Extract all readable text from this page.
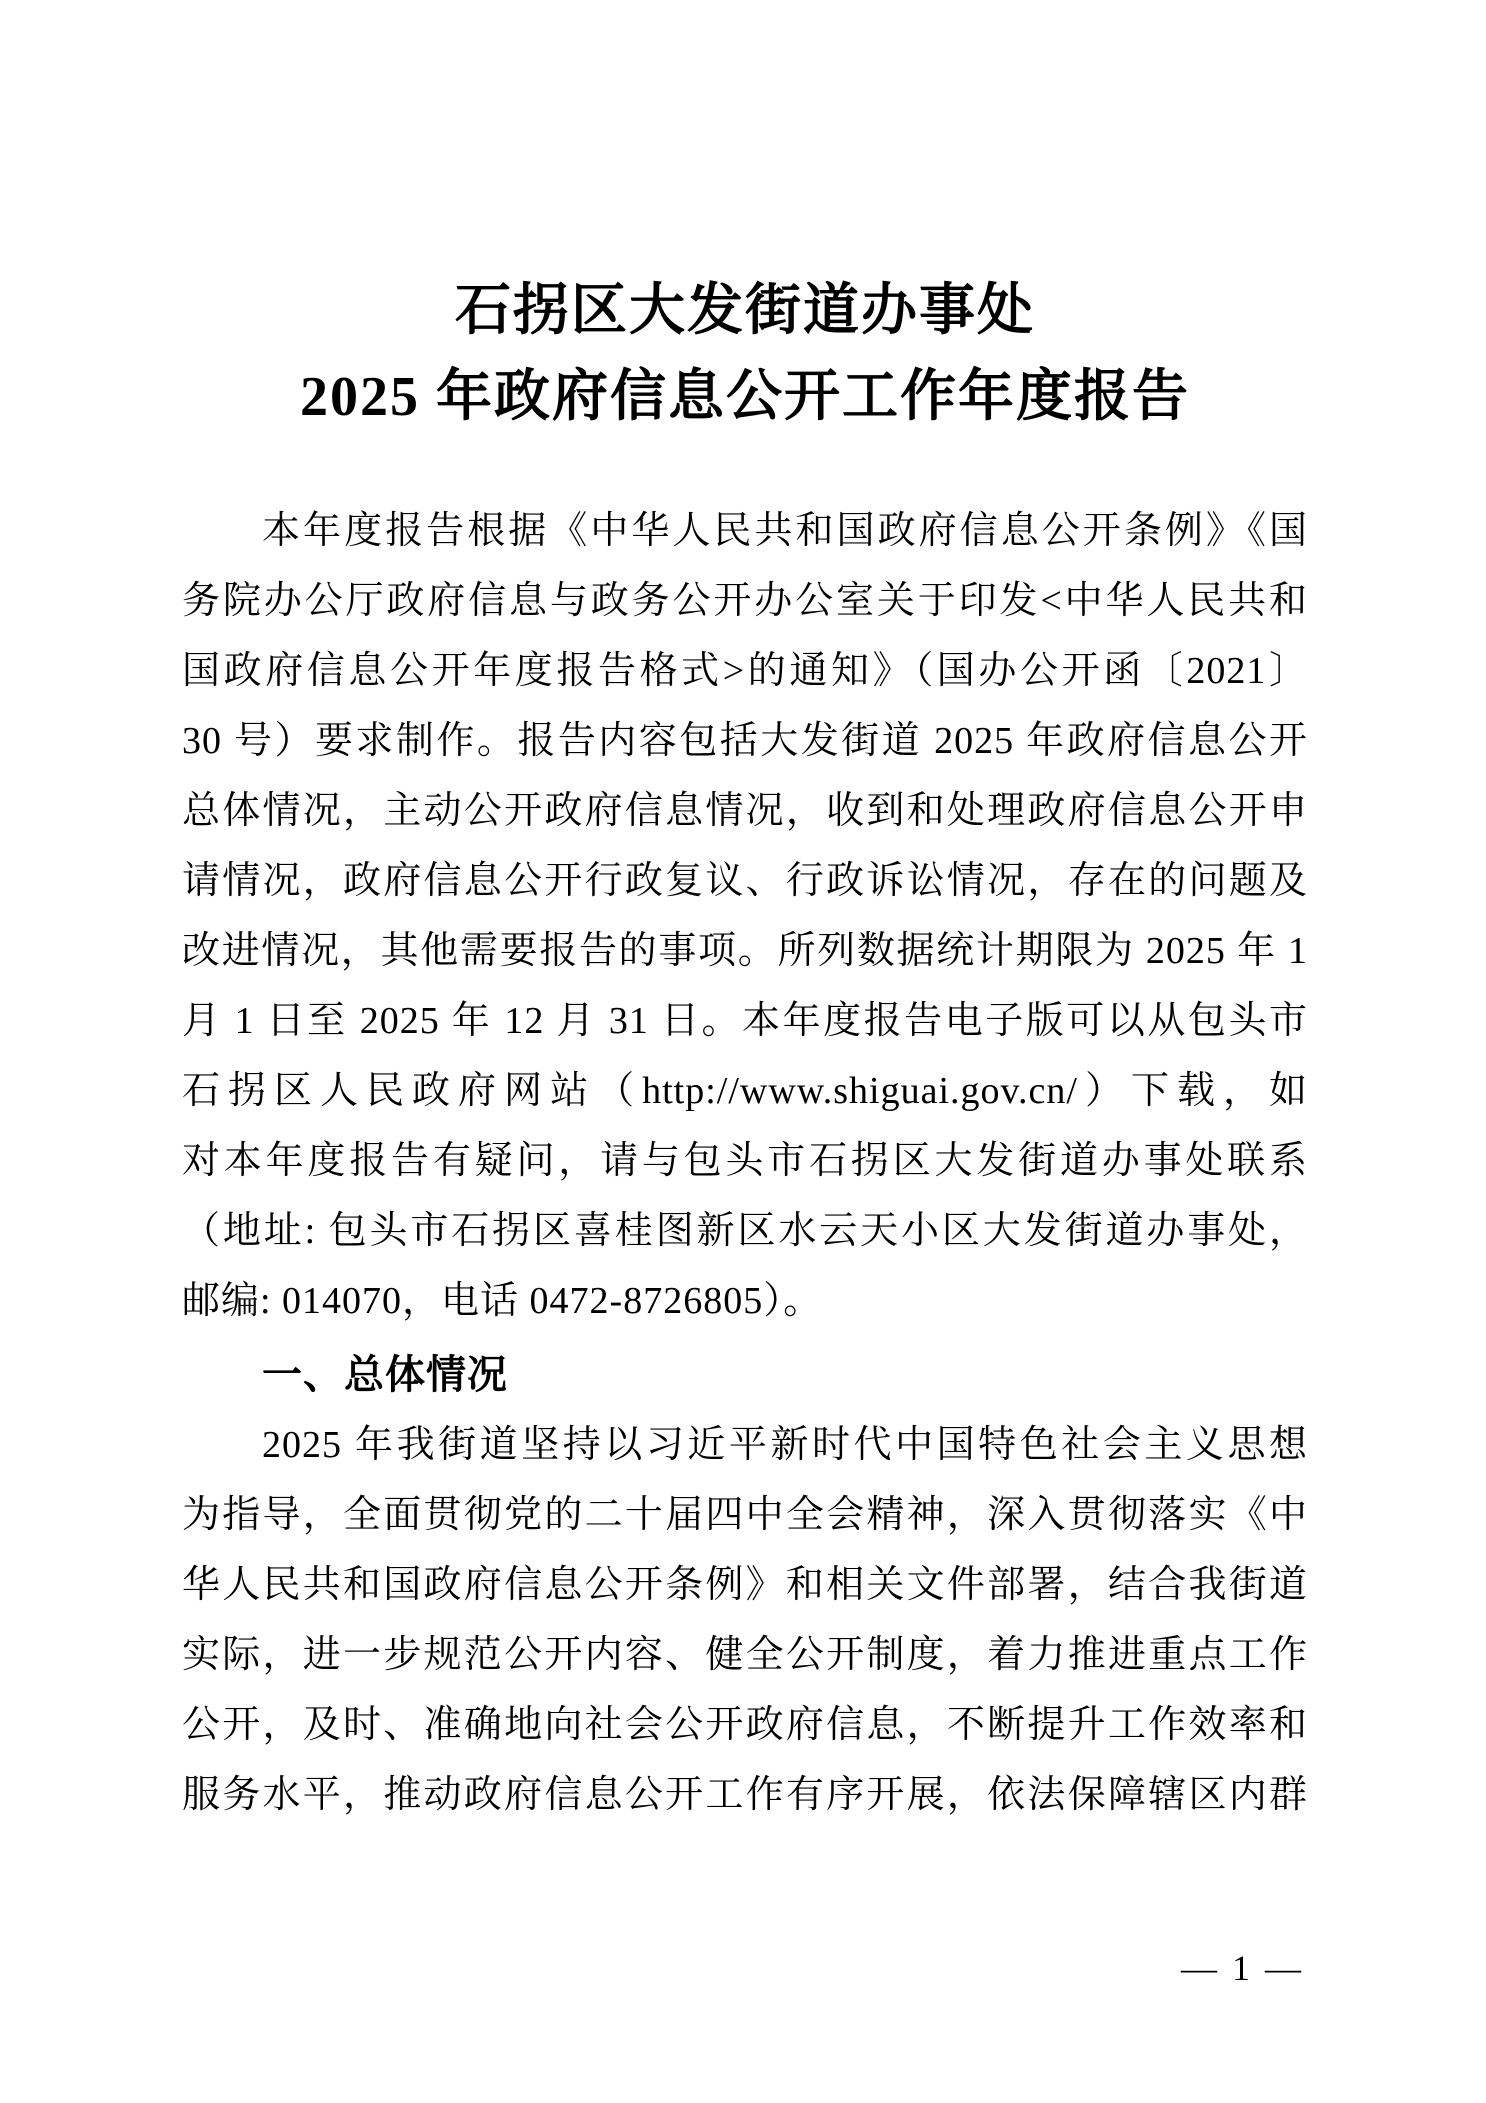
石拐区大发街道办事处
2025 年政府信息公开工作年度报告
本年度报告根据《中华人民共和国政府信息公开条例》《国
务院办公厅政府信息与政务公开办公室关于印发<中华人民共和
国政府信息公开年度报告格式>的通知》（国办公开函〔2021〕
30 号）要求制作。报告内容包括大发街道 2025 年政府信息公开
总体情况，主动公开政府信息情况，收到和处理政府信息公开申
请情况，政府信息公开行政复议、行政诉讼情况，存在的问题及
改进情况，其他需要报告的事项。所列数据统计期限为 2025 年 1
月 1 日至 2025 年 12 月 31 日。本年度报告电子版可以从包头市
石拐区人民政府网站（http://www.shiguai.gov.cn/）下载，如
对本年度报告有疑问，请与包头市石拐区大发街道办事处联系
（地址: 包头市石拐区喜桂图新区水云天小区大发街道办事处，
邮编: 014070，电话 0472-8726805）。
一、总体情况
2025 年我街道坚持以习近平新时代中国特色社会主义思想
为指导，全面贯彻党的二十届四中全会精神，深入贯彻落实《中
华人民共和国政府信息公开条例》和相关文件部署，结合我街道
实际，进一步规范公开内容、健全公开制度，着力推进重点工作
公开，及时、准确地向社会公开政府信息，不断提升工作效率和
服务水平，推动政府信息公开工作有序开展，依法保障辖区内群
— 1 —
